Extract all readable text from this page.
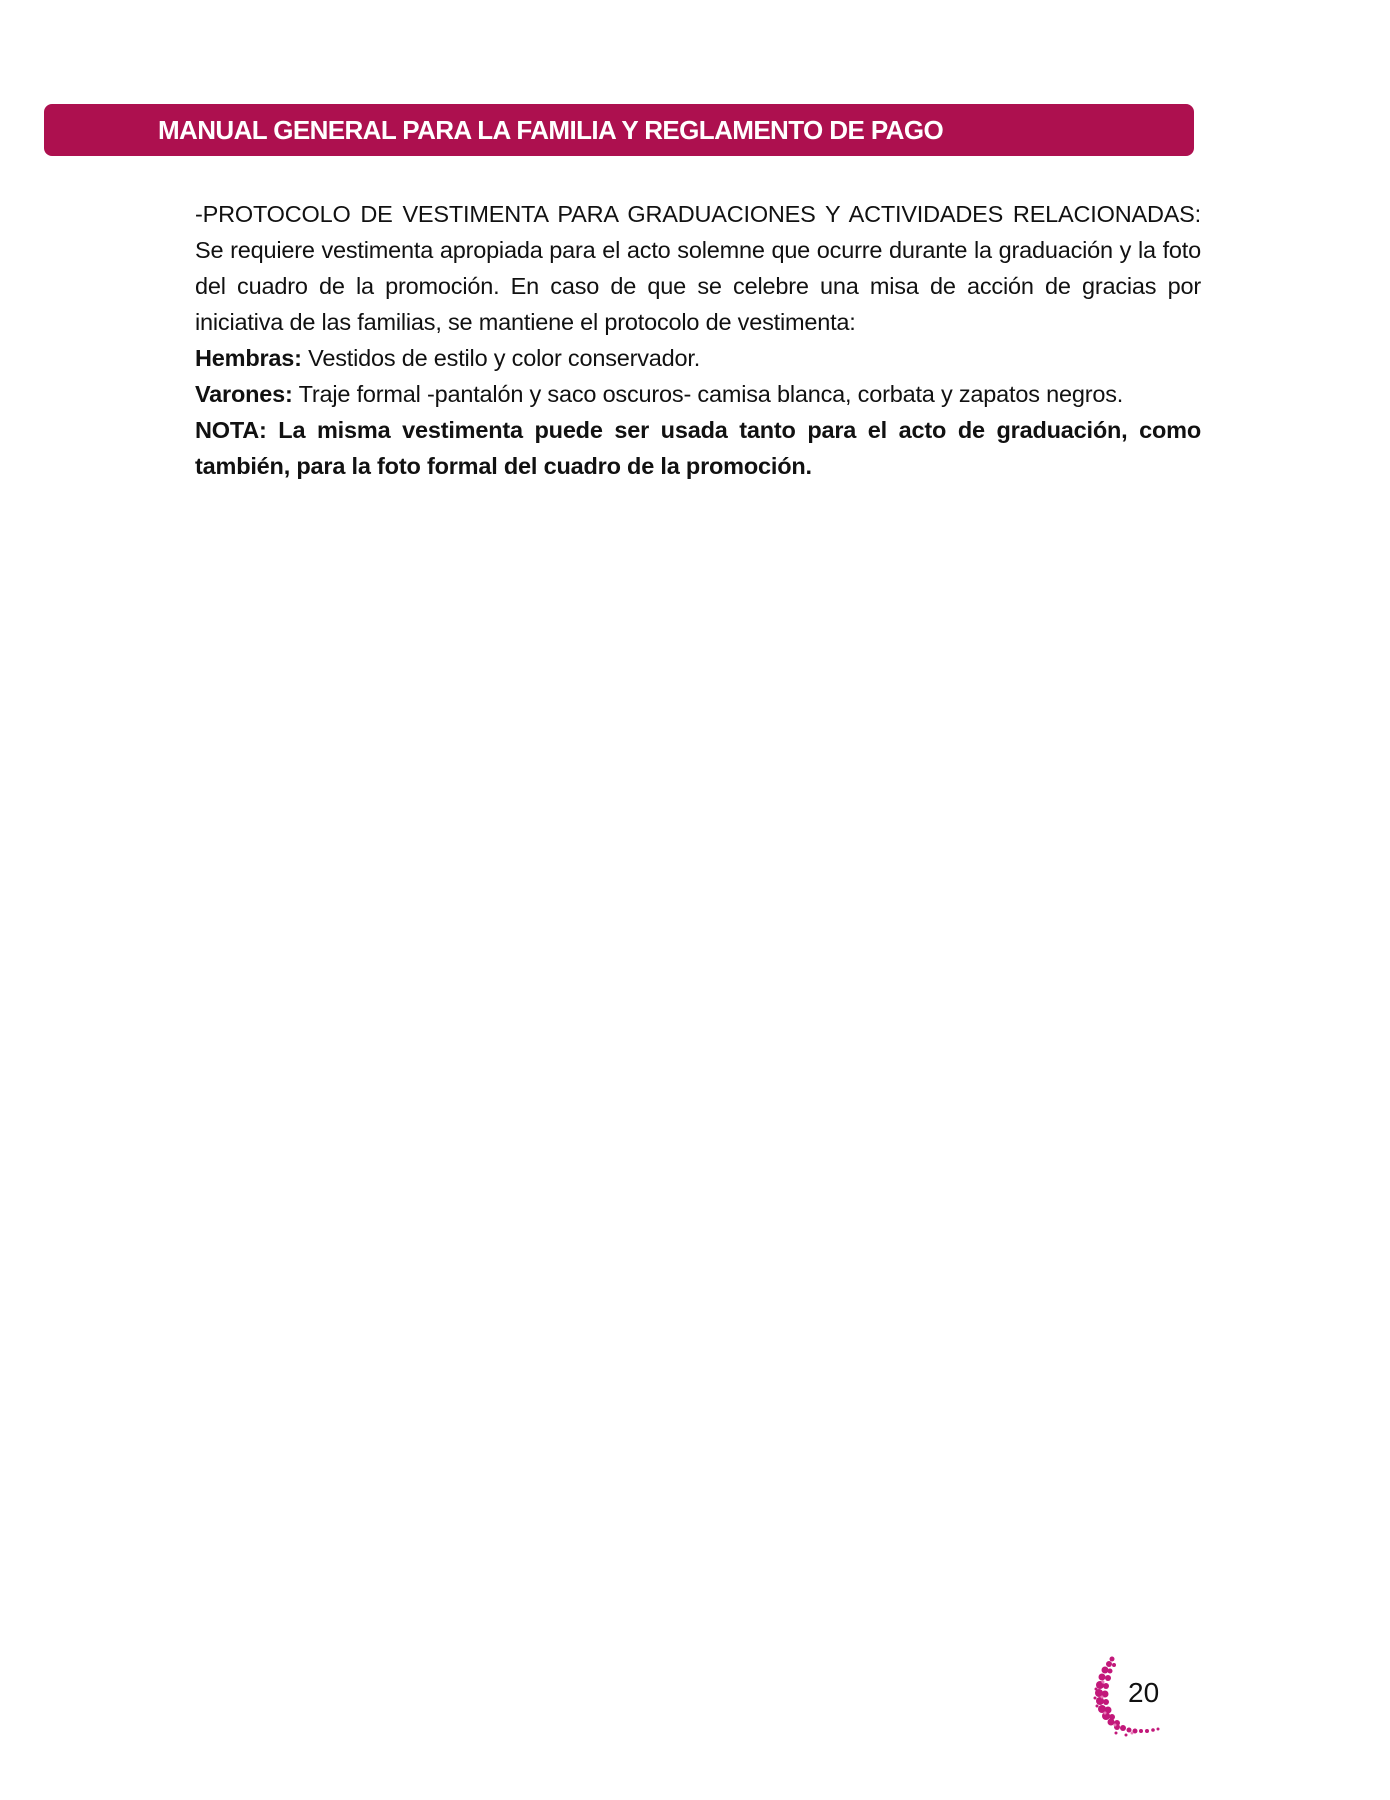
MANUAL GENERAL PARA LA FAMILIA Y REGLAMENTO DE PAGO

-PROTOCOLO DE VESTIMENTA PARA GRADUACIONES Y ACTIVIDADES RELACIONADAS: Se requiere vestimenta apropiada para el acto solemne que ocurre durante la graduación y la foto del cuadro de la promoción. En caso de que se celebre una misa de acción de gracias por iniciativa de las familias, se mantiene el protocolo de vestimenta:

Hembras: Vestidos de estilo y color conservador.

Varones: Traje formal -pantalón y saco oscuros- camisa blanca, corbata y zapatos negros.

NOTA: La misma vestimenta puede ser usada tanto para el acto de graduación, como también, para la foto formal del cuadro de la promoción.

20
